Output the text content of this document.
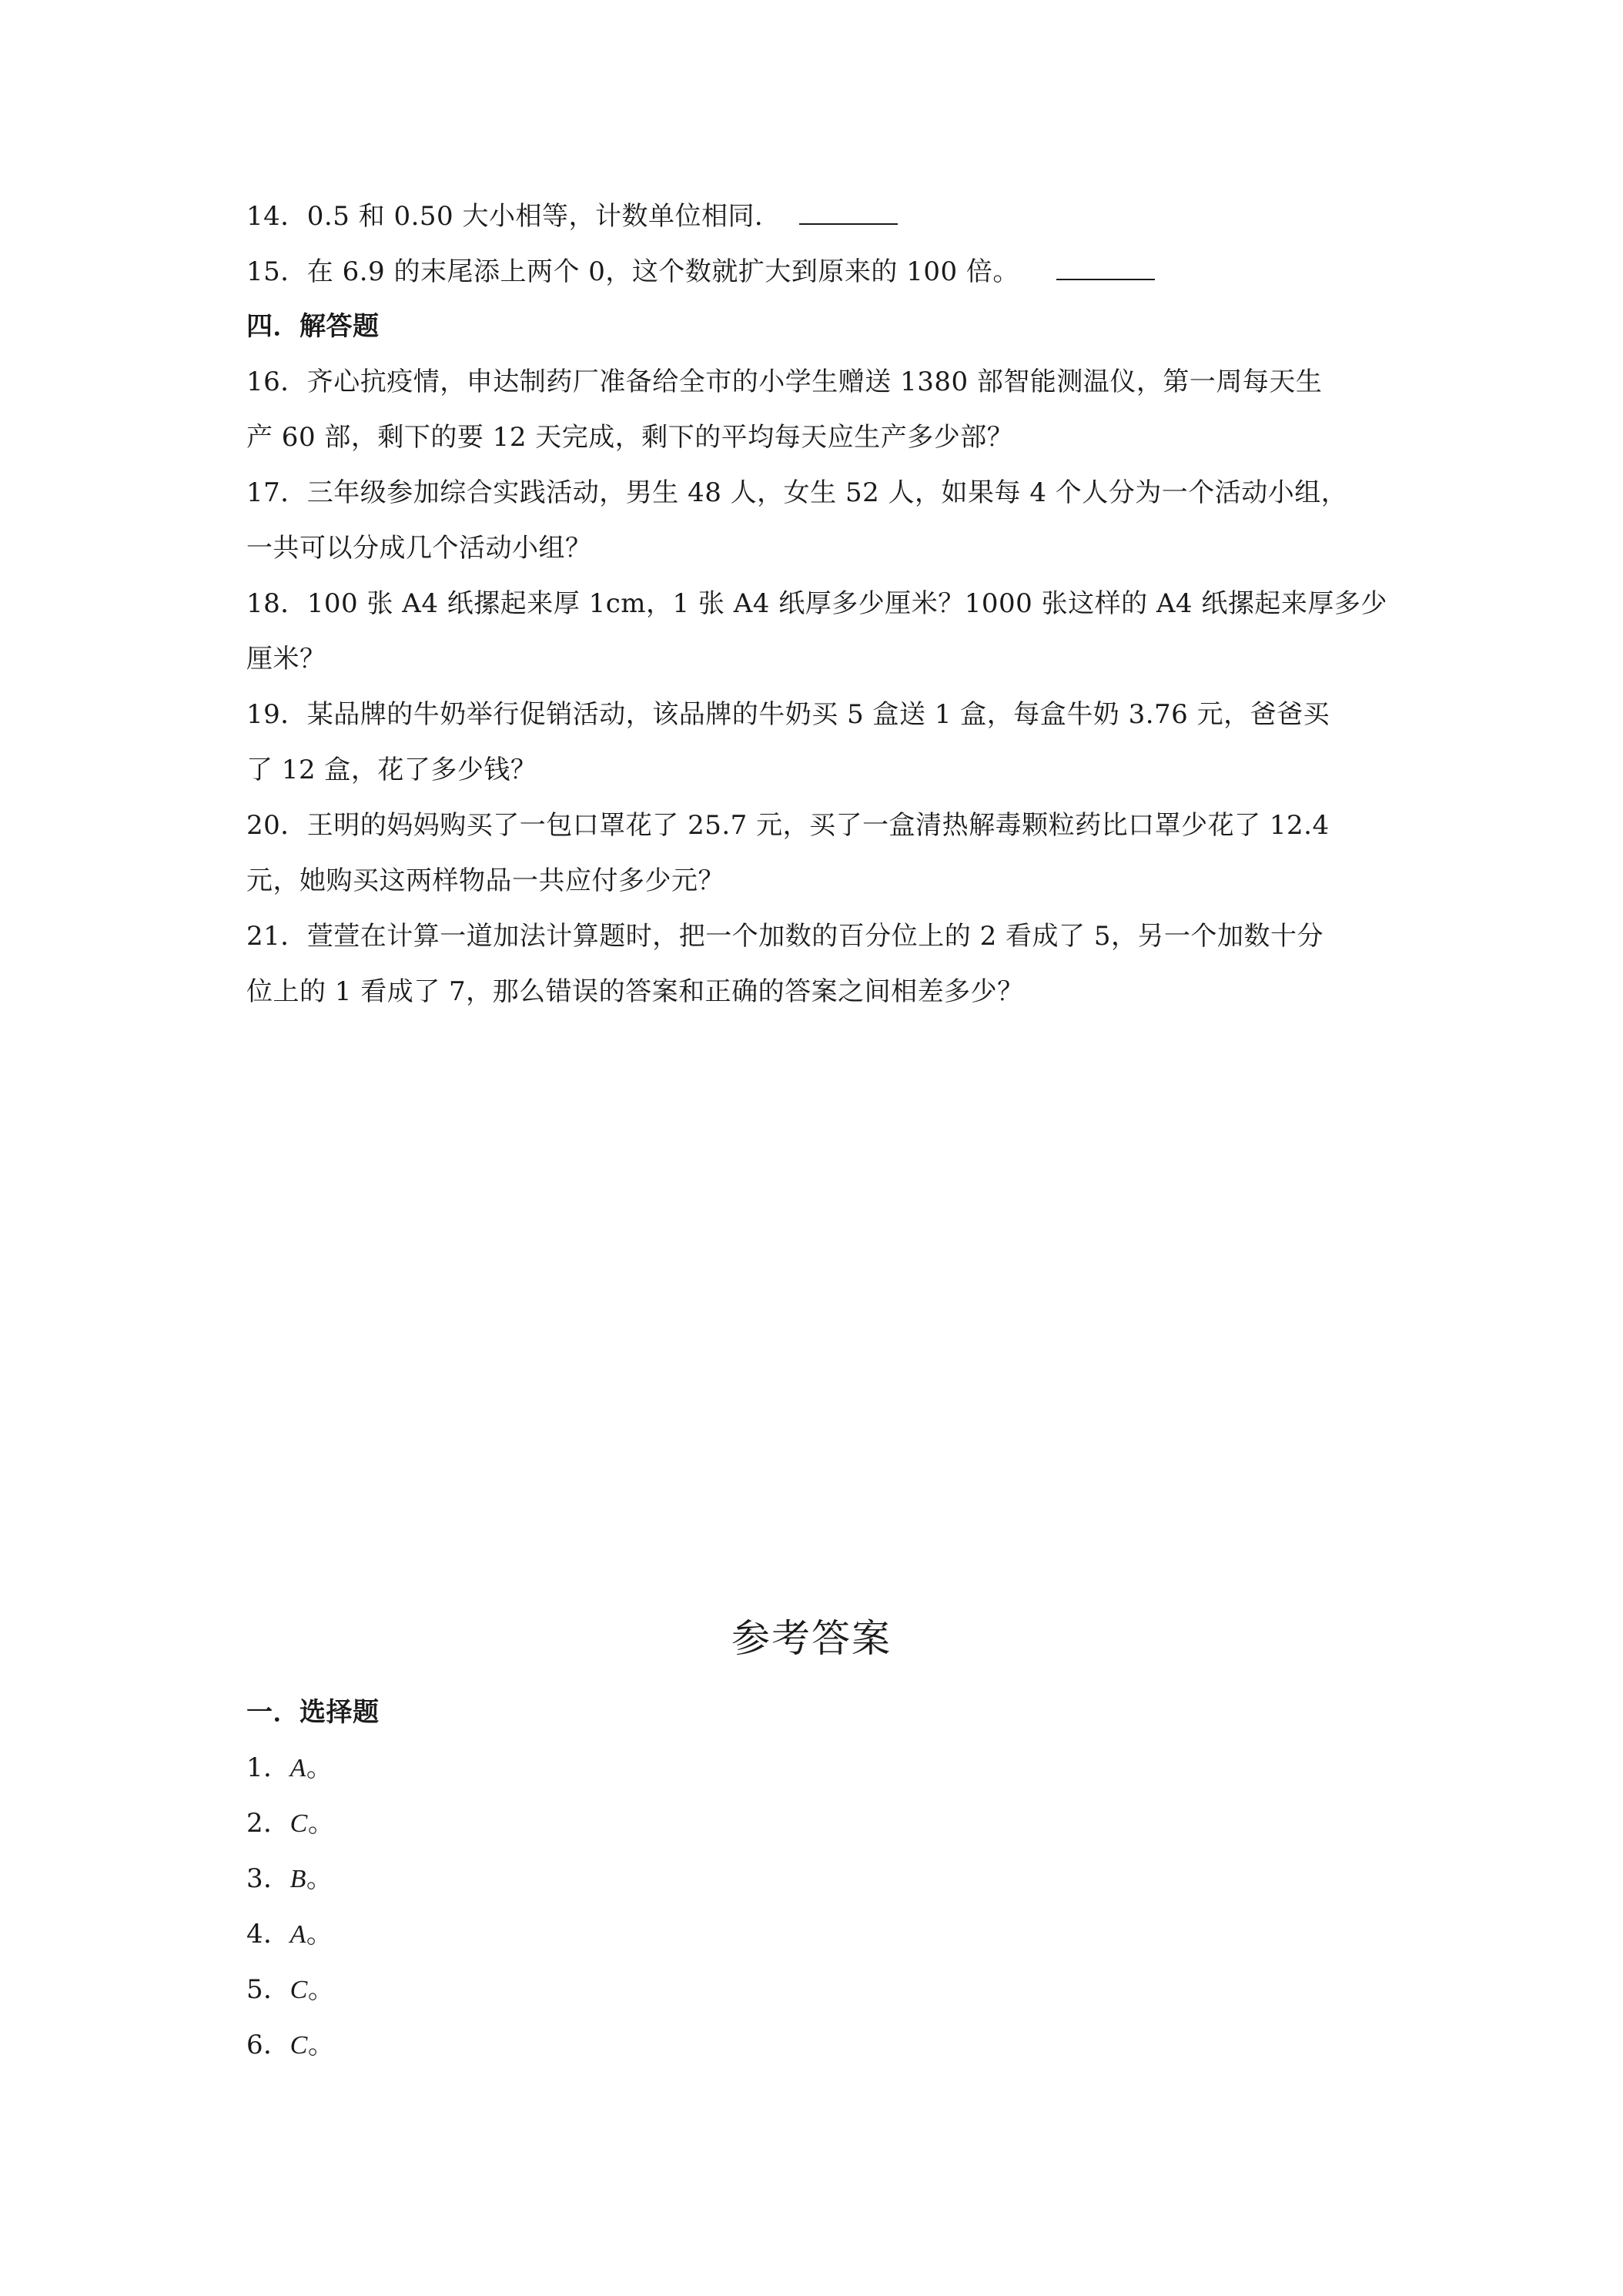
14．0.5 和 0.50 大小相等，计数单位相同．
15．在 6.9 的末尾添上两个 0，这个数就扩大到原来的 100 倍。
四．解答题
16．齐心抗疫情，申达制药厂准备给全市的小学生赠送 1380 部智能测温仪，第一周每天生
产 60 部，剩下的要 12 天完成，剩下的平均每天应生产多少部？
17．三年级参加综合实践活动，男生 48 人，女生 52 人，如果每 4 个人分为一个活动小组，
一共可以分成几个活动小组？
18．100 张 A4 纸摞起来厚 1cm，1 张 A4 纸厚多少厘米？1000 张这样的 A4 纸摞起来厚多少
厘米？
19．某品牌的牛奶举行促销活动，该品牌的牛奶买 5 盒送 1 盒，每盒牛奶 3.76 元，爸爸买
了 12 盒，花了多少钱？
20．王明的妈妈购买了一包口罩花了 25.7 元，买了一盒清热解毒颗粒药比口罩少花了 12.4
元，她购买这两样物品一共应付多少元？
21．萱萱在计算一道加法计算题时，把一个加数的百分位上的 2 看成了 5，另一个加数十分
位上的 1 看成了 7，那么错误的答案和正确的答案之间相差多少？
参考答案
一．选择题
1．A。
2．C。
3．B。
4．A。
5．C。
6．C。
